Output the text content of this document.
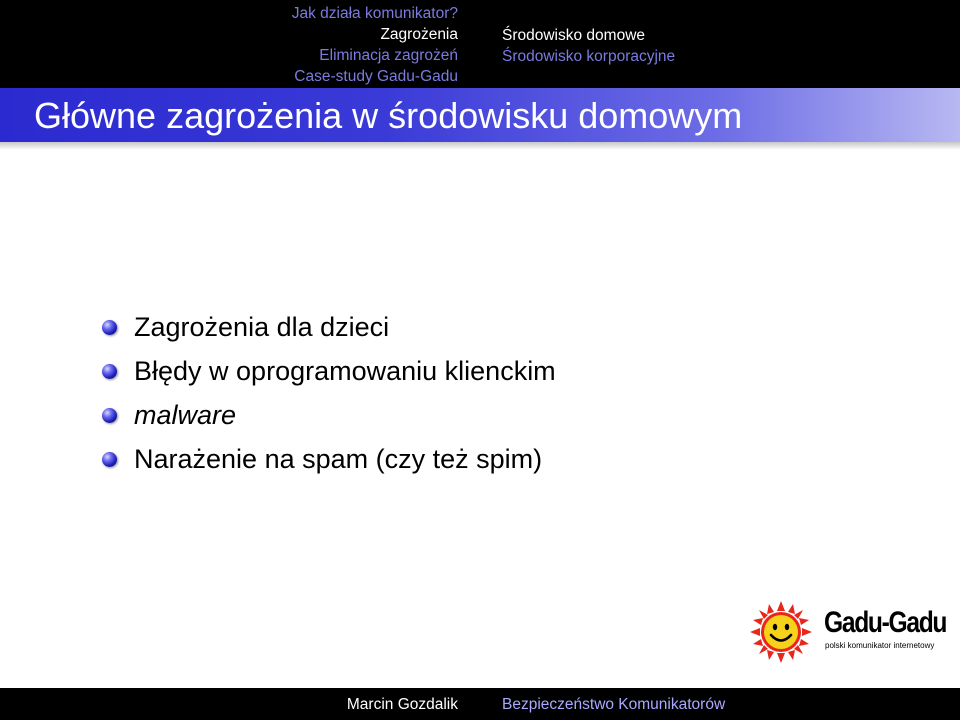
Jak działa komunikator?
Zagrożenia
Eliminacja zagrożeń
Case-study Gadu-Gadu
Środowisko domowe
Środowisko korporacyjne
Główne zagrożenia w środowisku domowym
Zagrożenia dla dzieci
Błędy w oprogramowaniu klienckim
malware
Narażenie na spam (czy też spim)
Gadu-Gadu
polski komunikator internetowy
Marcin Gozdalik	Bezpieczeństwo Komunikatorów
